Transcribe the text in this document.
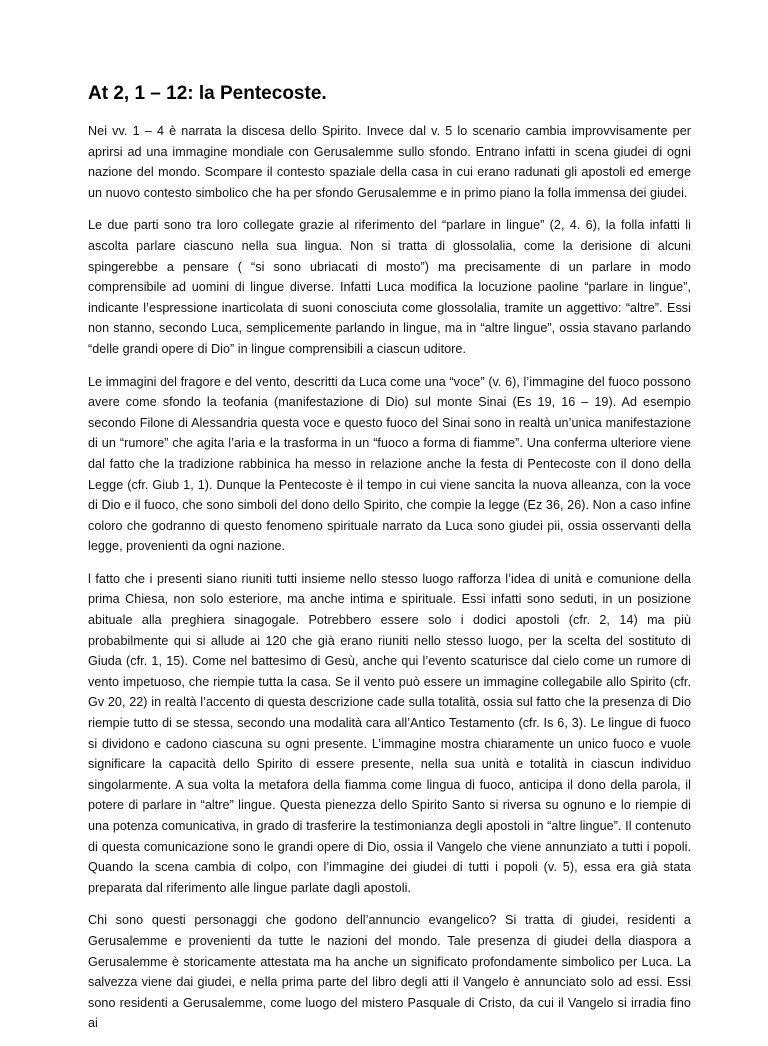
At 2, 1 – 12: la Pentecoste.

Nei vv. 1 – 4 è narrata la discesa dello Spirito. Invece dal v. 5 lo scenario cambia improvvisamente per aprirsi ad una immagine mondiale con Gerusalemme sullo sfondo. Entrano infatti in scena giudei di ogni nazione del mondo. Scompare il contesto spaziale della casa in cui erano radunati gli apostoli ed emerge un nuovo contesto simbolico che ha per sfondo Gerusalemme e in primo piano la folla immensa dei giudei.

Le due parti sono tra loro collegate grazie al riferimento del “parlare in lingue” (2, 4. 6), la folla infatti li ascolta parlare ciascuno nella sua lingua. Non si tratta di glossolalia, come la derisione di alcuni spingerebbe a pensare ( “si sono ubriacati di mosto”) ma precisamente di un parlare in modo comprensibile ad uomini di lingue diverse. Infatti Luca modifica la locuzione paoline “parlare in lingue”, indicante l’espressione inarticolata di suoni conosciuta come glossolalia, tramite un aggettivo: “altre”. Essi non stanno, secondo Luca, semplicemente parlando in lingue, ma in “altre lingue”, ossia stavano parlando “delle grandi opere di Dio” in lingue comprensibili a ciascun uditore.

Le immagini del fragore e del vento, descritti da Luca come una “voce” (v. 6), l’immagine del fuoco possono avere come sfondo la teofania (manifestazione di Dio) sul monte Sinai (Es 19, 16 – 19). Ad esempio secondo Filone di Alessandria questa voce e questo fuoco del Sinai sono in realtà un’unica manifestazione di un “rumore” che agita l’aria e la trasforma in un “fuoco a forma di fiamme”. Una conferma ulteriore viene dal fatto che la tradizione rabbinica ha messo in relazione anche la festa di Pentecoste con il dono della Legge (cfr. Giub 1, 1). Dunque la Pentecoste è il tempo in cui viene sancita la nuova alleanza, con la voce di Dio e il fuoco, che sono simboli del dono dello Spirito, che compie la legge (Ez 36, 26). Non a caso infine coloro che godranno di questo fenomeno spirituale narrato da Luca sono giudei pii, ossia osservanti della legge, provenienti da ogni nazione.

l fatto che i presenti siano riuniti tutti insieme nello stesso luogo rafforza l’idea di unità e comunione della prima Chiesa, non solo esteriore, ma anche intima e spirituale. Essi infatti sono seduti, in un posizione abituale alla preghiera sinagogale. Potrebbero essere solo i dodici apostoli (cfr. 2, 14) ma più probabilmente qui si allude ai 120 che già erano riuniti nello stesso luogo, per la scelta del sostituto di Giuda (cfr. 1, 15). Come nel battesimo di Gesù, anche qui l’evento scaturisce dal cielo come un rumore di vento impetuoso, che riempie tutta la casa. Se il vento può essere un immagine collegabile allo Spirito (cfr. Gv 20, 22) in realtà l’accento di questa descrizione cade sulla totalità, ossia sul fatto che la presenza di Dio riempie tutto di se stessa, secondo una modalità cara all’Antico Testamento (cfr. Is 6, 3). Le lingue di fuoco si dividono e cadono ciascuna su ogni presente. L’immagine mostra chiaramente un unico fuoco e vuole significare la capacità dello Spirito di essere presente, nella sua unità e totalità in ciascun individuo singolarmente. A sua volta la metafora della fiamma come lingua di fuoco, anticipa il dono della parola, il potere di parlare in “altre” lingue. Questa pienezza dello Spirito Santo si riversa su ognuno e lo riempie di una potenza comunicativa, in grado di trasferire la testimonianza degli apostoli in “altre lingue”. Il contenuto di questa comunicazione sono le grandi opere di Dio, ossia il Vangelo che viene annunziato a tutti i popoli. Quando la scena cambia di colpo, con l’immagine dei giudei di tutti i popoli (v. 5), essa era già stata preparata dal riferimento alle lingue parlate dagli apostoli.

Chi sono questi personaggi che godono dell’annuncio evangelico? Si tratta di giudei, residenti a Gerusalemme e provenienti da tutte le nazioni del mondo. Tale presenza di giudei della diaspora a Gerusalemme è storicamente attestata ma ha anche un significato profondamente simbolico per Luca. La salvezza viene dai giudei, e nella prima parte del libro degli atti il Vangelo è annunciato solo ad essi. Essi sono residenti a Gerusalemme, come luogo del mistero Pasquale di Cristo, da cui il Vangelo si irradia fino ai
